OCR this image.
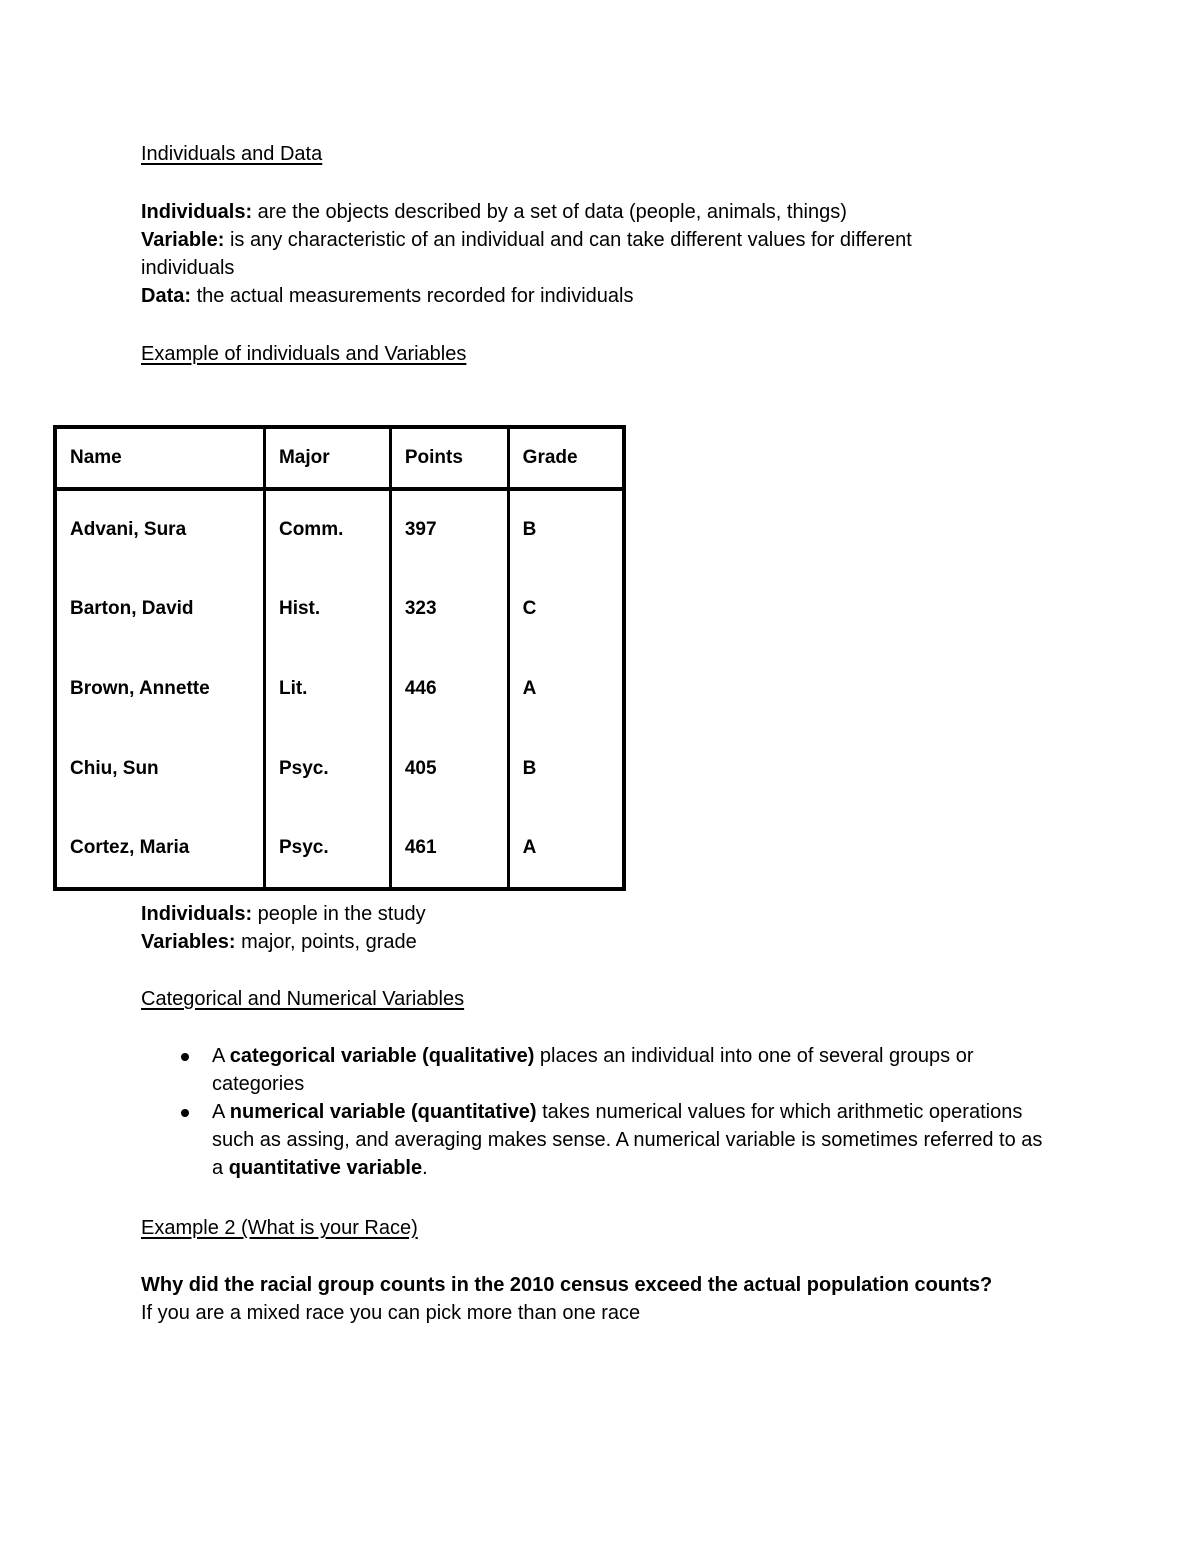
Individuals and Data

Individuals: are the objects described by a set of data (people, animals, things)

Variable: is any characteristic of an individual and can take different values for different individuals

Data: the actual measurements recorded for individuals

Example of individuals and Variables
Name	Major	Points	Grade
Advani, Sura	Comm.	397	B
Barton, David	Hist.	323	C
Brown, Annette	Lit.	446	A
Chiu, Sun	Psyc.	405	B
Cortez, Maria	Psyc.	461	A

Individuals: people in the study

Variables: major, points, grade

Categorical and Numerical Variables
A categorical variable (qualitative) places an individual into one of several groups or categories
A numerical variable (quantitative) takes numerical values for which arithmetic operations such as assing, and averaging makes sense. A numerical variable is sometimes referred to as a quantitative variable.
Example 2 (What is your Race)

Why did the racial group counts in the 2010 census exceed the actual population counts?

If you are a mixed race you can pick more than one race
